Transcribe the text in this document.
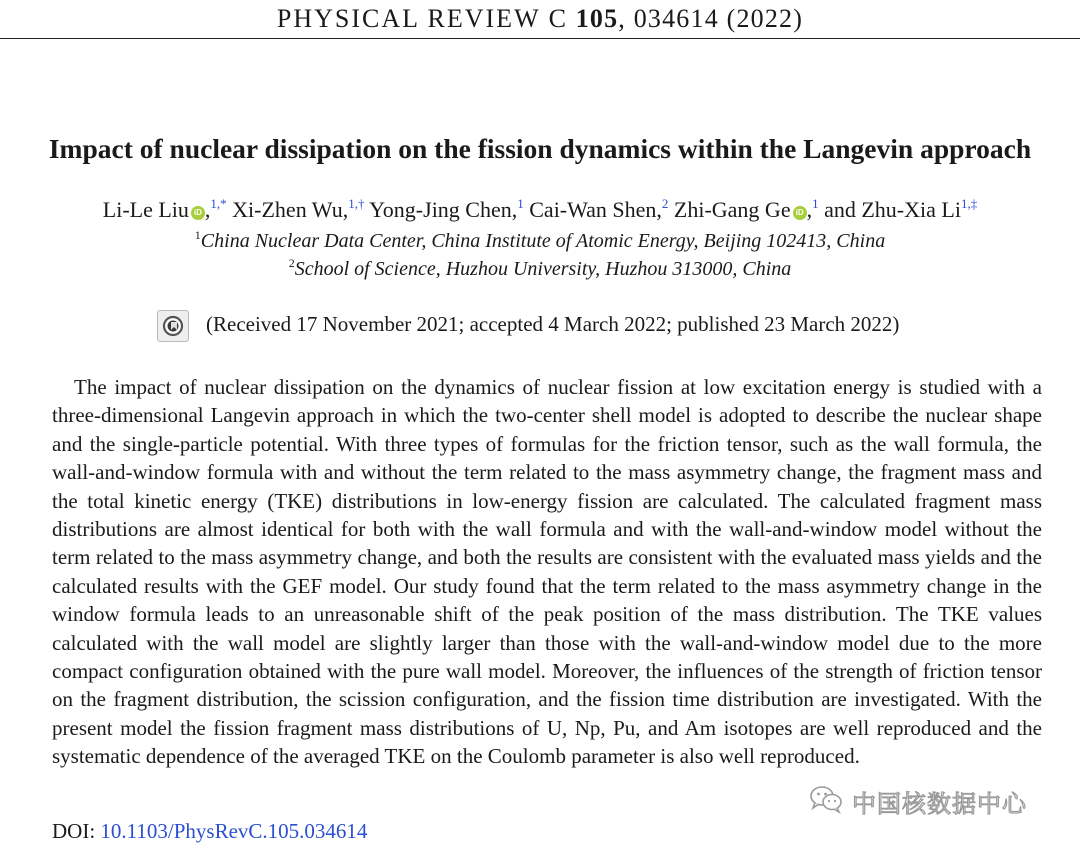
PHYSICAL REVIEW C 105, 034614 (2022)
Impact of nuclear dissipation on the fission dynamics within the Langevin approach
Li-Le Liu iD ,$^{1,*}$ Xi-Zhen Wu,$^{1,\dagger}$ Yong-Jing Chen,$^1$ Cai-Wan Shen,$^2$ Zhi-Gang Ge iD ,$^1$ and Zhu-Xia $Li^{1,\ddagger}$
$^1$China Nuclear Data Center, China Institute of Atomic Energy, Beijing 102413, China
$^2$School of Science, Huzhou University, Huzhou 313000, China
(Received 17 November 2021; accepted 4 March 2022; published 23 March 2022)

The impact of nuclear dissipation on the dynamics of nuclear fission at low excitation energy is studied with a three-dimensional Langevin approach in which the two-center shell model is adopted to describe the nuclear shape and the single-particle potential. With three types of formulas for the friction tensor, such as the wall formula, the wall-and-window formula with and without the term related to the mass asymmetry change, the fragment mass and the total kinetic energy (TKE) distributions in low-energy fission are calculated. The calculated fragment mass distributions are almost identical for both with the wall formula and with the wall-and-window model without the term related to the mass asymmetry change, and both the results are consistent with the evaluated mass yields and the calculated results with the GEF model. Our study found that the term related to the mass asymmetry change in the window formula leads to an unreasonable shift of the peak position of the mass distribution. The TKE values calculated with the wall model are slightly larger than those with the wall-and-window model due to the more compact configuration obtained with the pure wall model. Moreover, the influences of the strength of friction tensor on the fragment distribution, the scission configuration, and the fission time distribution are investigated. With the present model the fission fragment mass distributions of U, Np, Pu, and Am isotopes are well reproduced and the systematic dependence of the averaged TKE on the Coulomb parameter is also well reproduced.

DOI: 10.1103/PhysRevC.105.034614
中国核数据中心
